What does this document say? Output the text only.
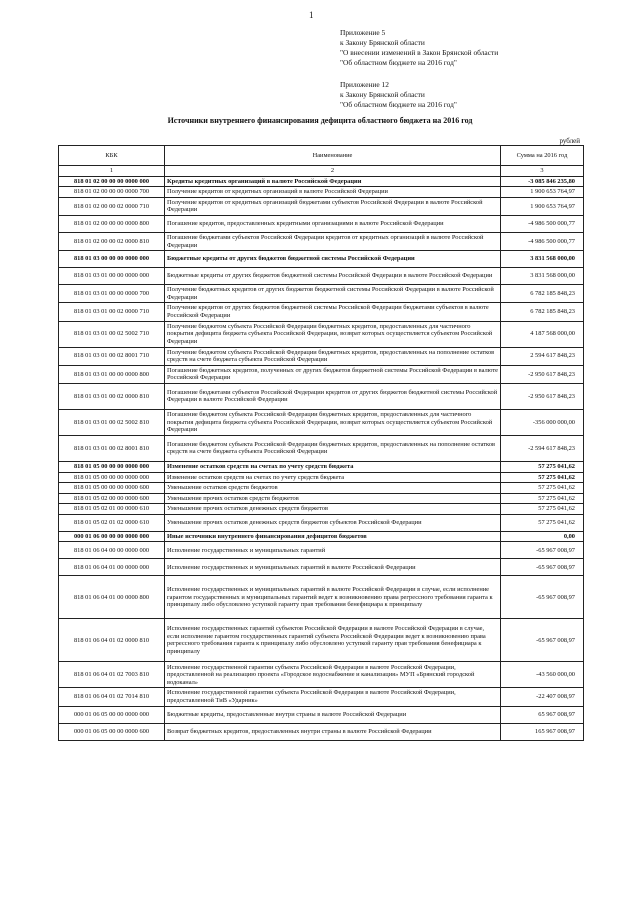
1
Приложение 5
к Закону Брянской области
"О внесении изменений в Закон Брянской области
"Об областном бюджете на 2016 год"
Приложение 12
к Закону Брянской области
"Об областном бюджете на 2016 год"
Источники внутреннего финансирования дефицита областного бюджета на 2016 год
рублей
КБК	Наименование	Сумма на 2016 год
1	2	3
818 01 02 00 00 00 0000 000	Кредиты кредитных организаций в валюте Российской Федерации	-3 085 846 235,80
818 01 02 00 00 00 0000 700	Получение кредитов от кредитных организаций в валюте Российской Федерации	1 900 653 764,97
818 01 02 00 00 02 0000 710	Получение кредитов от кредитных организаций бюджетами субъектов Российской Федерации в валюте Российской Федерации	1 900 653 764,97
818 01 02 00 00 00 0000 800	Погашение кредитов, предоставленных кредитными организациями в валюте Российской Федерации	-4 986 500 000,77
818 01 02 00 00 02 0000 810	Погашение бюджетами субъектов Российской Федерации кредитов от кредитных организаций в валюте Российской Федерации	-4 986 500 000,77
818 01 03 00 00 00 0000 000	Бюджетные кредиты от других бюджетов бюджетной системы Российской Федерации	3 831 568 000,00
818 01 03 01 00 00 0000 000	Бюджетные кредиты от других бюджетов бюджетной системы Российской Федерации в валюте Российской Федерации	3 831 568 000,00
818 01 03 01 00 00 0000 700	Получение бюджетных кредитов от других бюджетов бюджетной системы Российской Федерации в валюте Российской Федерации	6 782 185 848,23
818 01 03 01 00 02 0000 710	Получение кредитов от других бюджетов бюджетной системы Российской Федерации бюджетами субъектов в валюте Российской Федерации	6 782 185 848,23
818 01 03 01 00 02 5002 710	Получение бюджетом субъекта Российской Федерации бюджетных кредитов, предоставленных для частичного покрытия дефицита бюджета субъекта Российской Федерации, возврат которых осуществляется субъектом Российской Федерации	4 187 568 000,00
818 01 03 01 00 02 8001 710	Получение бюджетом субъекта Российской Федерации бюджетных кредитов, предоставленных на пополнение остатков средств на счете бюджета субъекта Российской Федерации	2 594 617 848,23
818 01 03 01 00 00 0000 800	Погашение бюджетных кредитов, полученных от других бюджетов бюджетной системы Российской Федерации в валюте Российской Федерации	-2 950 617 848,23
818 01 03 01 00 02 0000 810	Погашение бюджетами субъектов Российской Федерации кредитов от других бюджетов бюджетной системы Российской Федерации в валюте Российской Федерации	-2 950 617 848,23
818 01 03 01 00 02 5002 810	Погашение бюджетом субъекта Российской Федерации бюджетных кредитов, предоставленных для частичного покрытия дефицита бюджета субъекта Российской Федерации, возврат которых осуществляется субъектом Российской Федерации	-356 000 000,00
818 01 03 01 00 02 8001 810	Погашение бюджетом субъекта Российской Федерации бюджетных кредитов, предоставленных на пополнение остатков средств на счете бюджета субъекта Российской Федерации	-2 594 617 848,23
818 01 05 00 00 00 0000 000	Изменение остатков средств на счетах по учету средств бюджета	57 275 041,62
818 01 05 00 00 00 0000 000	Изменение остатков средств на счетах по учету средств бюджета	57 275 041,62
818 01 05 00 00 00 0000 600	Уменьшение остатков средств бюджетов	57 275 041,62
818 01 05 02 00 00 0000 600	Уменьшение прочих остатков средств бюджетов	57 275 041,62
818 01 05 02 01 00 0000 610	Уменьшение прочих остатков денежных средств бюджетов	57 275 041,62
818 01 05 02 01 02 0000 610	Уменьшение прочих остатков денежных средств бюджетов субъектов Российской Федерации	57 275 041,62
000 01 06 00 00 00 0000 000	Иные источники внутреннего финансирования дефицитов бюджетов	0,00
818 01 06 04 00 00 0000 000	Исполнение государственных и муниципальных гарантий	-65 967 008,97
818 01 06 04 01 00 0000 000	Исполнение государственных и муниципальных гарантий в валюте Российской Федерации	-65 967 008,97
818 01 06 04 01 00 0000 800	Исполнение государственных и муниципальных гарантий в валюте Российской Федерации в случае, если исполнение гарантом государственных и муниципальных гарантий ведет к возникновению права регрессного требования гаранта к принципалу либо обусловлено уступкой гаранту прав требования бенефициара к принципалу	-65 967 008,97
818 01 06 04 01 02 0000 810	Исполнение государственных гарантий субъектов Российской Федерации в валюте Российской Федерации в случае, если исполнение гарантом государственных гарантий субъекта Российской Федерации ведет к возникновению права регрессного требования гаранта к принципалу либо обусловлено уступкой гаранту прав требования бенефициара к принципалу	-65 967 008,97
818 01 06 04 01 02 7003 810	Исполнение государственной гарантии субъекта Российской Федерации в валюте Российской Федерации, предоставленной на реализацию проекта «Городское водоснабжение и канализация» МУП «Брянский городской водоканал»	-43 560 000,00
818 01 06 04 01 02 7014 810	Исполнение государственной гарантии субъекта Российской Федерации в валюте Российской Федерации, предоставленной ТиВ «Ударник»	-22 407 008,97
000 01 06 05 00 00 0000 000	Бюджетные кредиты, предоставленные внутри страны в валюте Российской Федерации	65 967 008,97
000 01 06 05 00 00 0000 600	Возврат бюджетных кредитов, предоставленных внутри страны в валюте Российской Федерации	165 967 008,97
